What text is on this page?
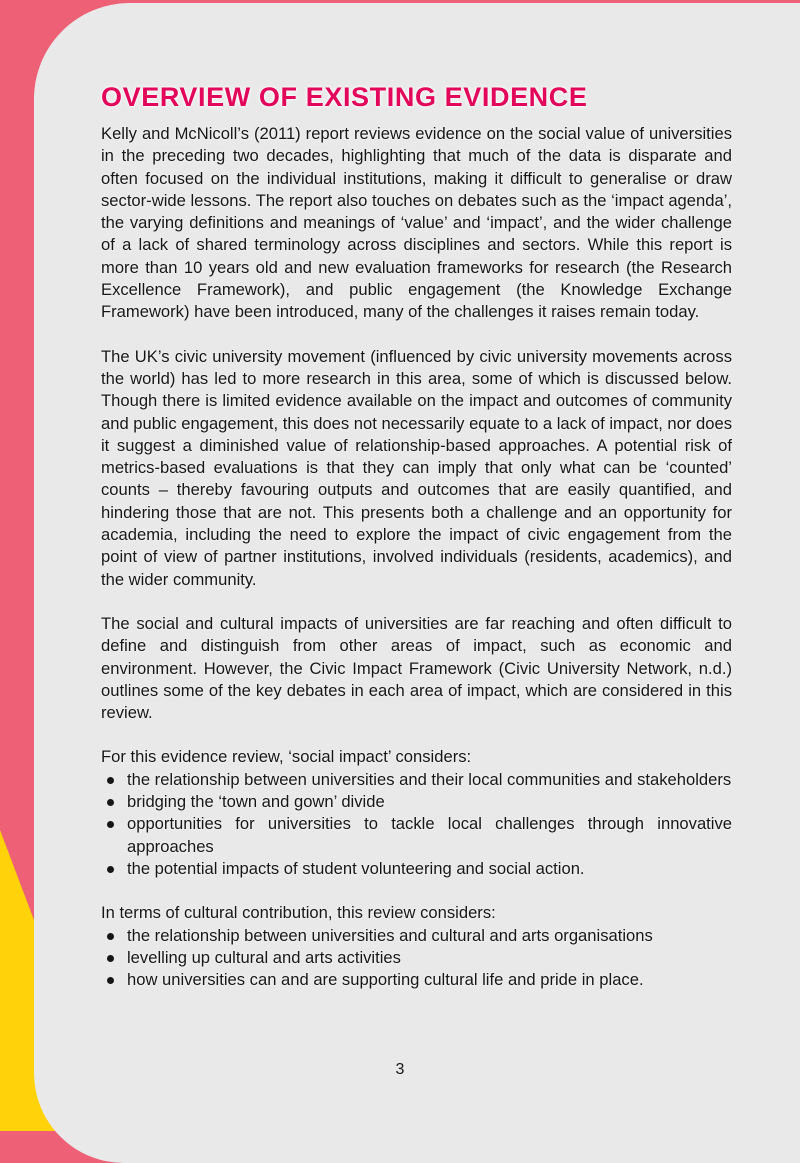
OVERVIEW OF EXISTING EVIDENCE

Kelly and McNicoll’s (2011) report reviews evidence on the social value of universities in the preceding two decades, highlighting that much of the data is disparate and often focused on the individual institutions, making it difficult to generalise or draw sector-wide lessons. The report also touches on debates such as the ‘impact agenda’, the varying definitions and meanings of ‘value’ and ‘impact’, and the wider challenge of a lack of shared terminology across disciplines and sectors. While this report is more than 10 years old and new evaluation frameworks for research (the Research Excellence Framework), and public engagement (the Knowledge Exchange Framework) have been introduced, many of the challenges it raises remain today.

The UK’s civic university movement (influenced by civic university movements across the world) has led to more research in this area, some of which is discussed below. Though there is limited evidence available on the impact and outcomes of community and public engagement, this does not necessarily equate to a lack of impact, nor does it suggest a diminished value of relationship-based approaches. A potential risk of metrics-based evaluations is that they can imply that only what can be ‘counted’ counts – thereby favouring outputs and outcomes that are easily quantified, and hindering those that are not. This presents both a challenge and an opportunity for academia, including the need to explore the impact of civic engagement from the point of view of partner institutions, involved individuals (residents, academics), and the wider community.

The social and cultural impacts of universities are far reaching and often difficult to define and distinguish from other areas of impact, such as economic and environment. However, the Civic Impact Framework (Civic University Network, n.d.) outlines some of the key debates in each area of impact, which are considered in this review.

For this evidence review, ‘social impact’ considers:

the relationship between universities and their local communities and stakeholders
bridging the ‘town and gown’ divide
opportunities for universities to tackle local challenges through innovative approaches
the potential impacts of student volunteering and social action.

In terms of cultural contribution, this review considers:

the relationship between universities and cultural and arts organisations
levelling up cultural and arts activities
how universities can and are supporting cultural life and pride in place.
3
